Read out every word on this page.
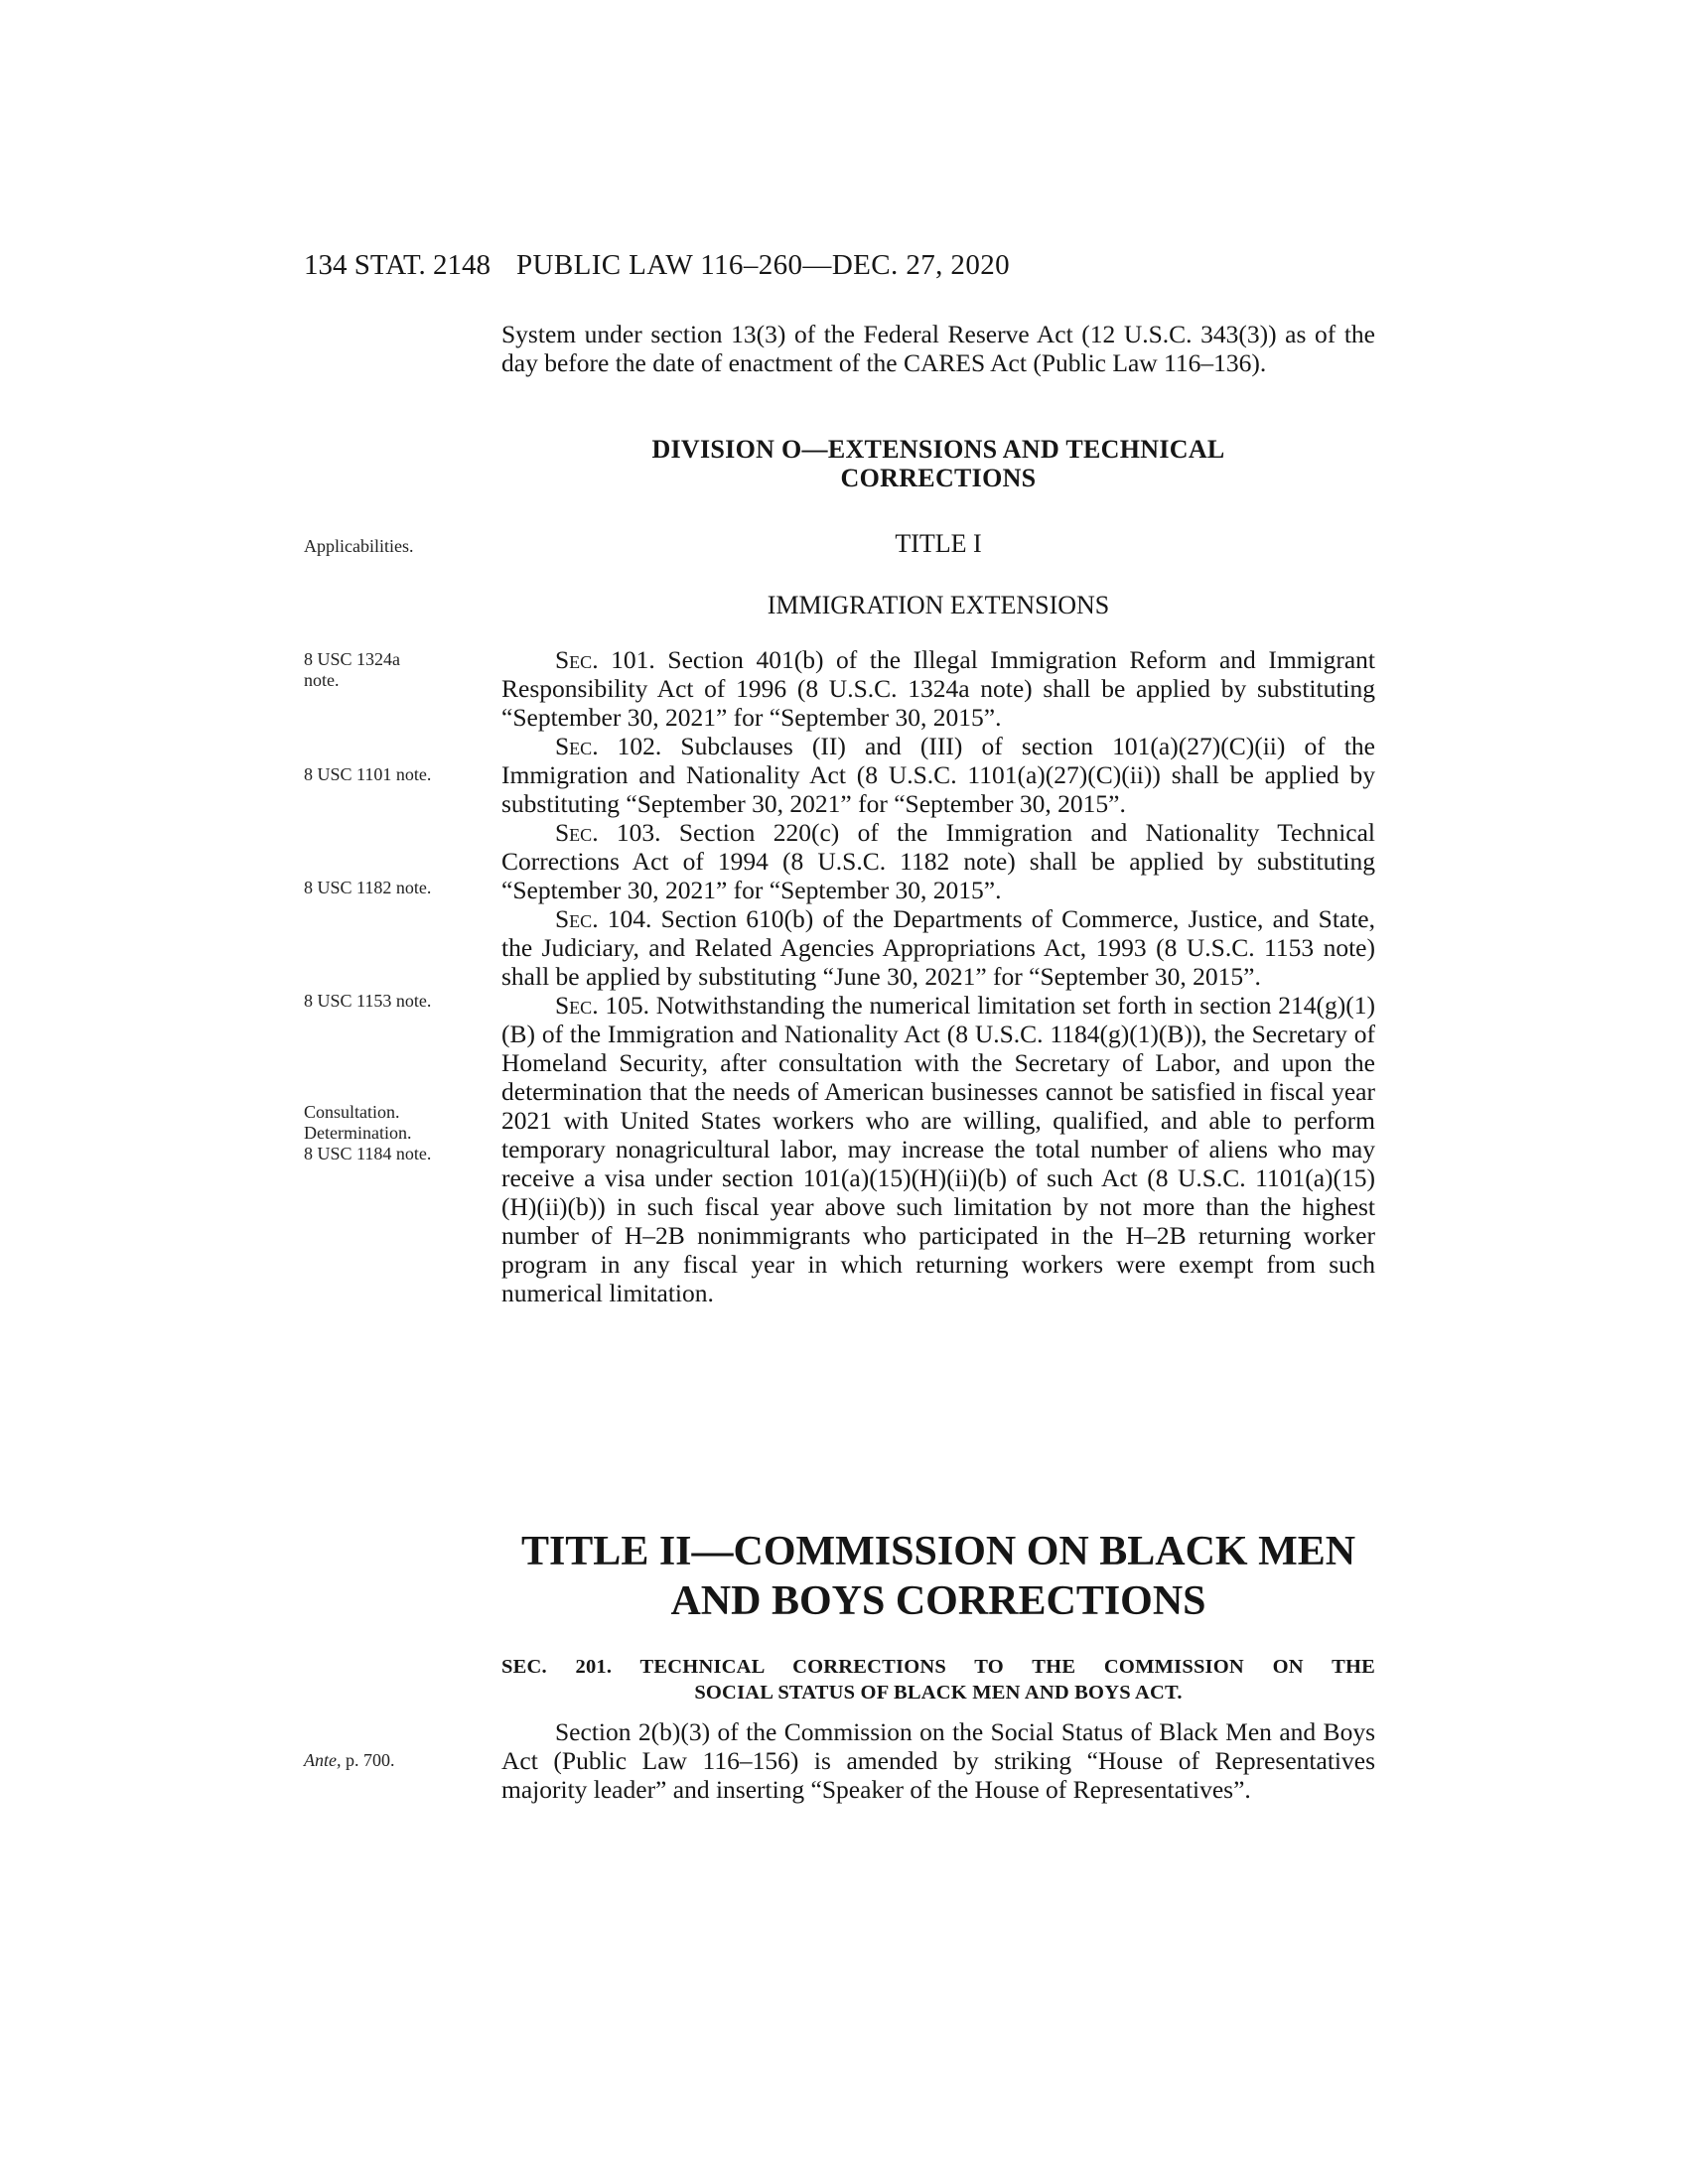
134 STAT. 2148 PUBLIC LAW 116–260—DEC. 27, 2020

System under section 13(3) of the Federal Reserve Act (12 U.S.C. 343(3)) as of the day before the date of enactment of the CARES Act (Public Law 116–136).

DIVISION O—EXTENSIONS AND TECHNICAL
CORRECTIONS
Applicabilities.	TITLE I
IMMIGRATION EXTENSIONS
8 USC 1324a
note.
8 USC 1101 note.
8 USC 1182 note.
8 USC 1153 note.
Consultation.
Determination.
8 USC 1184 note.

Sec. 101. Section 401(b) of the Illegal Immigration Reform and Immigrant Responsibility Act of 1996 (8 U.S.C. 1324a note) shall be applied by substituting “September 30, 2021” for “September 30, 2015”.

Sec. 102. Subclauses (II) and (III) of section 101(a)(27)(C)(ii) of the Immigration and Nationality Act (8 U.S.C. 1101(a)(27)(C)(ii)) shall be applied by substituting “September 30, 2021” for “September 30, 2015”.

Sec. 103. Section 220(c) of the Immigration and Nationality Technical Corrections Act of 1994 (8 U.S.C. 1182 note) shall be applied by substituting “September 30, 2021” for “September 30, 2015”.

Sec. 104. Section 610(b) of the Departments of Commerce, Justice, and State, the Judiciary, and Related Agencies Appropriations Act, 1993 (8 U.S.C. 1153 note) shall be applied by substituting “June 30, 2021” for “September 30, 2015”.

Sec. 105. Notwithstanding the numerical limitation set forth in section 214(g)(1)(B) of the Immigration and Nationality Act (8 U.S.C. 1184(g)(1)(B)), the Secretary of Homeland Security, after consultation with the Secretary of Labor, and upon the determination that the needs of American businesses cannot be satisfied in fiscal year 2021 with United States workers who are willing, qualified, and able to perform temporary nonagricultural labor, may increase the total number of aliens who may receive a visa under section 101(a)(15)(H)(ii)(b) of such Act (8 U.S.C. 1101(a)(15)(H)(ii)(b)) in such fiscal year above such limitation by not more than the highest number of H–2B nonimmigrants who participated in the H–2B returning worker program in any fiscal year in which returning workers were exempt from such numerical limitation.

TITLE II—COMMISSION ON BLACK MEN
AND BOYS CORRECTIONS
SEC. 201. TECHNICAL CORRECTIONS TO THE COMMISSION ON THE
SOCIAL STATUS OF BLACK MEN AND BOYS ACT.
Ante, p. 700.

Section 2(b)(3) of the Commission on the Social Status of Black Men and Boys Act (Public Law 116–156) is amended by striking “House of Representatives majority leader” and inserting “Speaker of the House of Representatives”.
